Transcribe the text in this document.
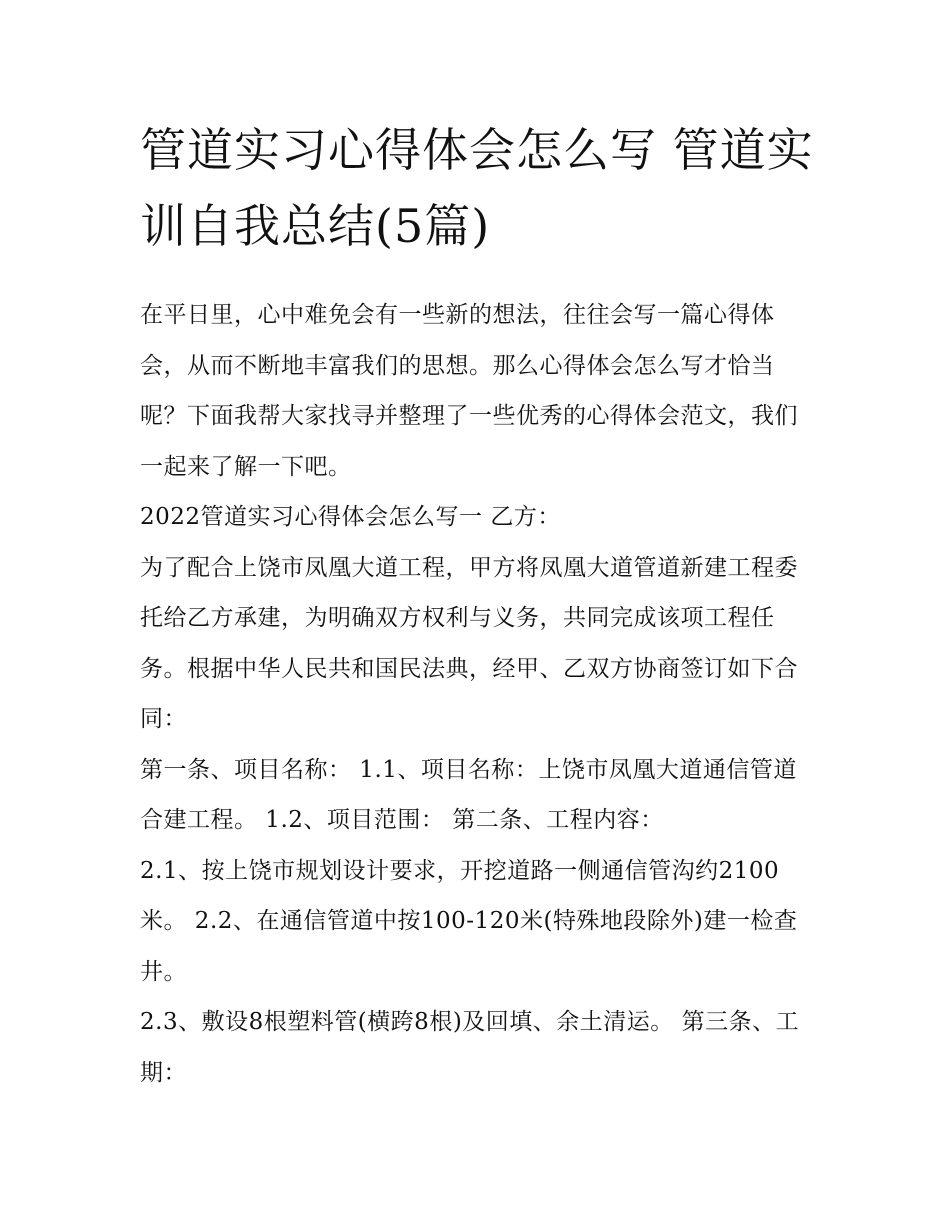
管道实习心得体会怎么写 管道实训自我总结(5篇)

在平日里，心中难免会有一些新的想法，往往会写一篇心得体会，从而不断地丰富我们的思想。那么心得体会怎么写才恰当呢？下面我帮大家找寻并整理了一些优秀的心得体会范文，我们一起来了解一下吧。

2022管道实习心得体会怎么写一 乙方：

为了配合上饶市凤凰大道工程，甲方将凤凰大道管道新建工程委托给乙方承建，为明确双方权利与义务，共同完成该项工程任务。根据中华人民共和国民法典，经甲、乙双方协商签订如下合同：

第一条、项目名称： 1.1、项目名称：上饶市凤凰大道通信管道合建工程。 1.2、项目范围： 第二条、工程内容：

2.1、按上饶市规划设计要求，开挖道路一侧通信管沟约2100米。 2.2、在通信管道中按100-120米(特殊地段除外)建一检查井。

2.3、敷设8根塑料管(横跨8根)及回填、余土清运。 第三条、工期：
